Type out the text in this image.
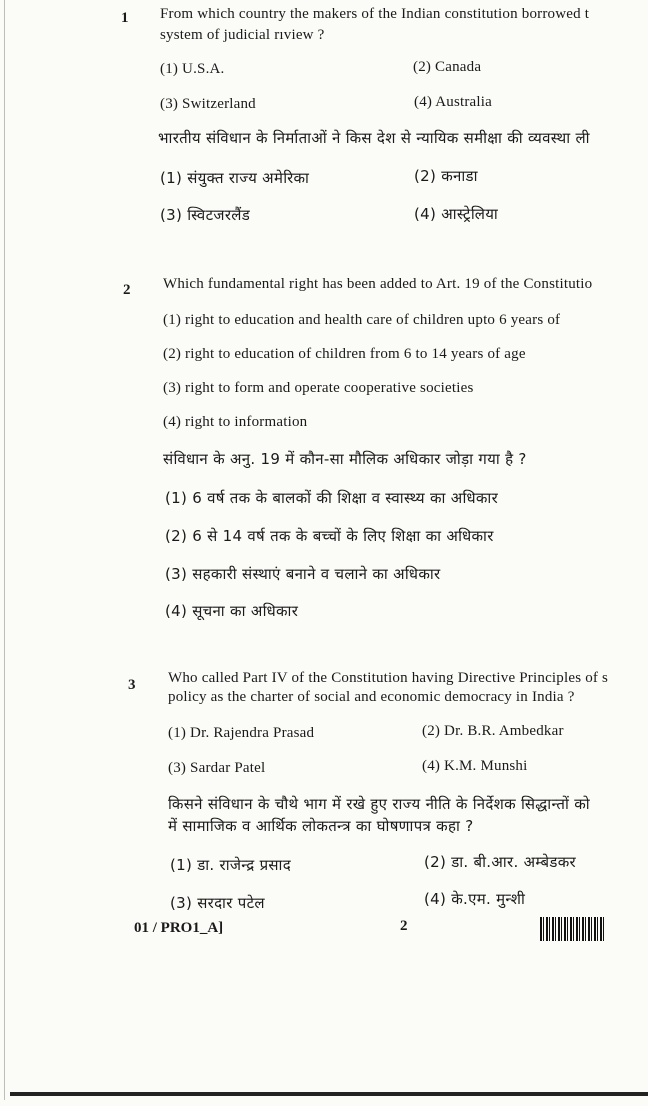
1 From which country the makers of the Indian constitution borrowed t
system of judicial rıview ?
(1) U.S.A.	(2) Canada
(3) Switzerland	(4) Australia
भारतीय संविधान के निर्माताओं ने किस देश से न्यायिक समीक्षा की व्यवस्था ली
(1) संयुक्त राज्य अमेरिका	(2) कनाडा
(3) स्विटजरलैंड	(4) आस्ट्रेलिया
2 Which fundamental right has been added to Art. 19 of the Constitutio
(1) right to education and health care of children upto 6 years of
(2) right to education of children from 6 to 14 years of age
(3) right to form and operate cooperative societies
(4) right to information
संविधान के अनु. 19 में कौन-सा मौलिक अधिकार जोड़ा गया है ?
(1) 6 वर्ष तक के बालकों की शिक्षा व स्वास्थ्य का अधिकार
(2) 6 से 14 वर्ष तक के बच्चों के लिए शिक्षा का अधिकार
(3) सहकारी संस्थाएं बनाने व चलाने का अधिकार
(4) सूचना का अधिकार
3 Who called Part IV of the Constitution having Directive Principles of s
policy as the charter of social and economic democracy in India ?
(1) Dr. Rajendra Prasad	(2) Dr. B.R. Ambedkar
(3) Sardar Patel	(4) K.M. Munshi
किसने संविधान के चौथे भाग में रखे हुए राज्य नीति के निर्देशक सिद्धान्तों को
में सामाजिक व आर्थिक लोकतन्त्र का घोषणापत्र कहा ?
(1) डा. राजेन्द्र प्रसाद	(2) डा. बी.आर. अम्बेडकर
(3) सरदार पटेल	(4) के.एम. मुन्शी
01 / PRO1_A]	2
